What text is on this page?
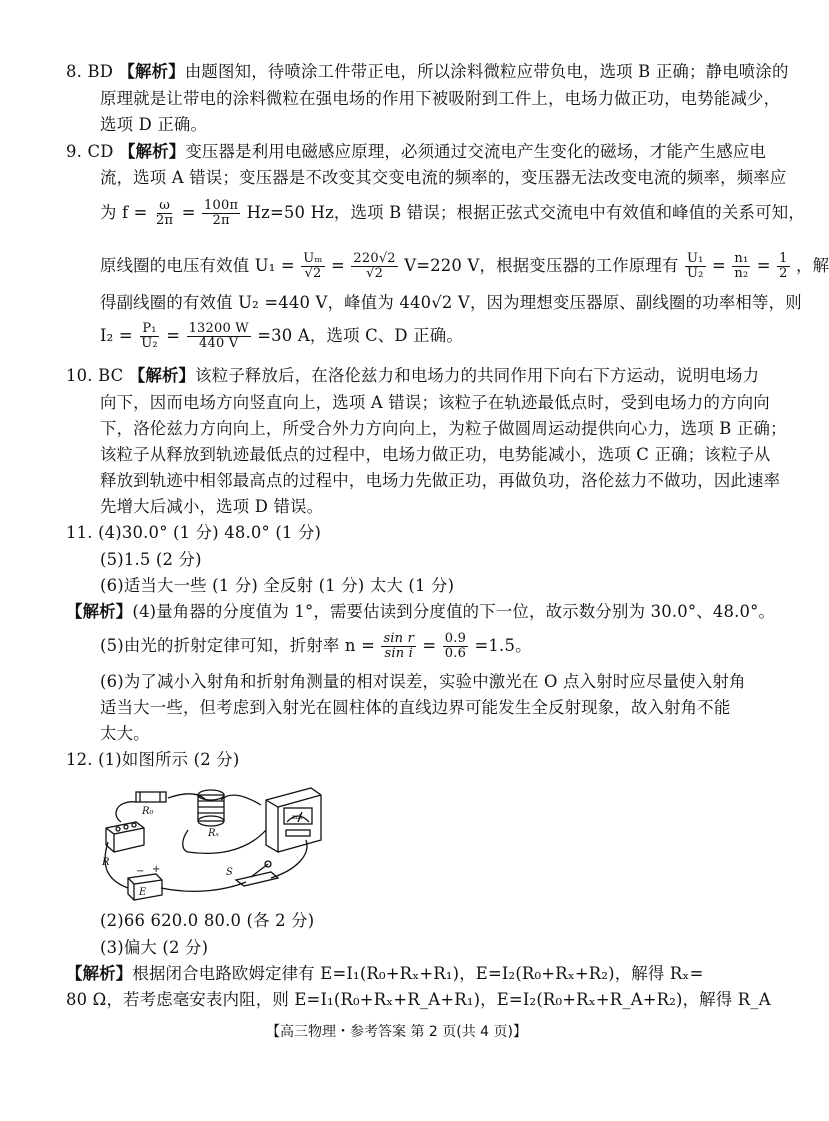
8. BD 【解析】由题图知，待喷涂工件带正电，所以涂料微粒应带负电，选项 B 正确；静电喷涂的
原理就是让带电的涂料微粒在强电场的作用下被吸附到工件上，电场力做正功，电势能减少，
选项 D 正确。
9. CD 【解析】变压器是利用电磁感应原理，必须通过交流电产生变化的磁场，才能产生感应电
流，选项 A 错误；变压器是不改变其交变电流的频率的，变压器无法改变电流的频率，频率应
为 $f = \frac{\omega}{2\pi} = \frac{100\pi}{2\pi} Hz=50$ Hz，选项 B 错误；根据正弦式交流电中有效值和峰值的关系可知，
原线圈的电压有效值 $U_1 = \frac{\text{Uₘ}}{√2} = \frac{220√2}{√2} V=220$ V，根据变压器的工作原理有 $\frac{\text{U₁}}{\text{U₂}} = \frac{\text{n₁}}{\text{n₂}} = \frac{1}{2}$ ，解
得副线圈的有效值 U₂ =440 V，峰值为 440√2 V，因为理想变压器原、副线圈的功率相等，则
$I_2 = \frac{\text{P₁}}{\text{U₂}} = \frac{13200 W}{440 V} =30$ A，选项 C、D 正确。
10. BC 【解析】该粒子释放后，在洛伦兹力和电场力的共同作用下向右下方运动，说明电场力
向下，因而电场方向竖直向上，选项 A 错误；该粒子在轨迹最低点时，受到电场力的方向向
下，洛伦兹力方向向上，所受合外力方向向上，为粒子做圆周运动提供向心力，选项 B 正确；
该粒子从释放到轨迹最低点的过程中，电场力做正功，电势能减小，选项 C 正确；该粒子从
释放到轨迹中相邻最高点的过程中，电场力先做正功，再做负功，洛伦兹力不做功，因此速率
先增大后减小，选项 D 错误。
11. (4)30.0° (1 分) 48.0° (1 分)
(5)1.5 (2 分)
(6)适当大一些 (1 分) 全反射 (1 分) 太大 (1 分)
【解析】(4)量角器的分度值为 1°，需要估读到分度值的下一位，故示数分别为 30.0°、48.0°。
(5)由光的折射定律可知，折射率 $n = \frac{\text{sin r}}{\text{sin i}} = \frac{0.9}{0.6} =1.5$。
(6)为了减小入射角和折射角测量的相对误差，实验中激光在 O 点入射时应尽量使入射角
适当大一些，但考虑到入射光在圆柱体的直线边界可能发生全反射现象，故入射角不能
太大。
12. (1)如图所示 (2 分)
R₀
Rₓ
R
E
S
− +
mA
(2)66 620.0 80.0 (各 2 分)
(3)偏大 (2 分)
【解析】根据闭合电路欧姆定律有 E=I₁(R₀+Rₓ+R₁)，E=I₂(R₀+Rₓ+R₂)，解得 Rₓ=
80 Ω，若考虑毫安表内阻，则 E=I₁(R₀+Rₓ+R_A+R₁)，E=I₂(R₀+Rₓ+R_A+R₂)，解得 R_A
【高三物理・参考答案 第 2 页(共 4 页)】
